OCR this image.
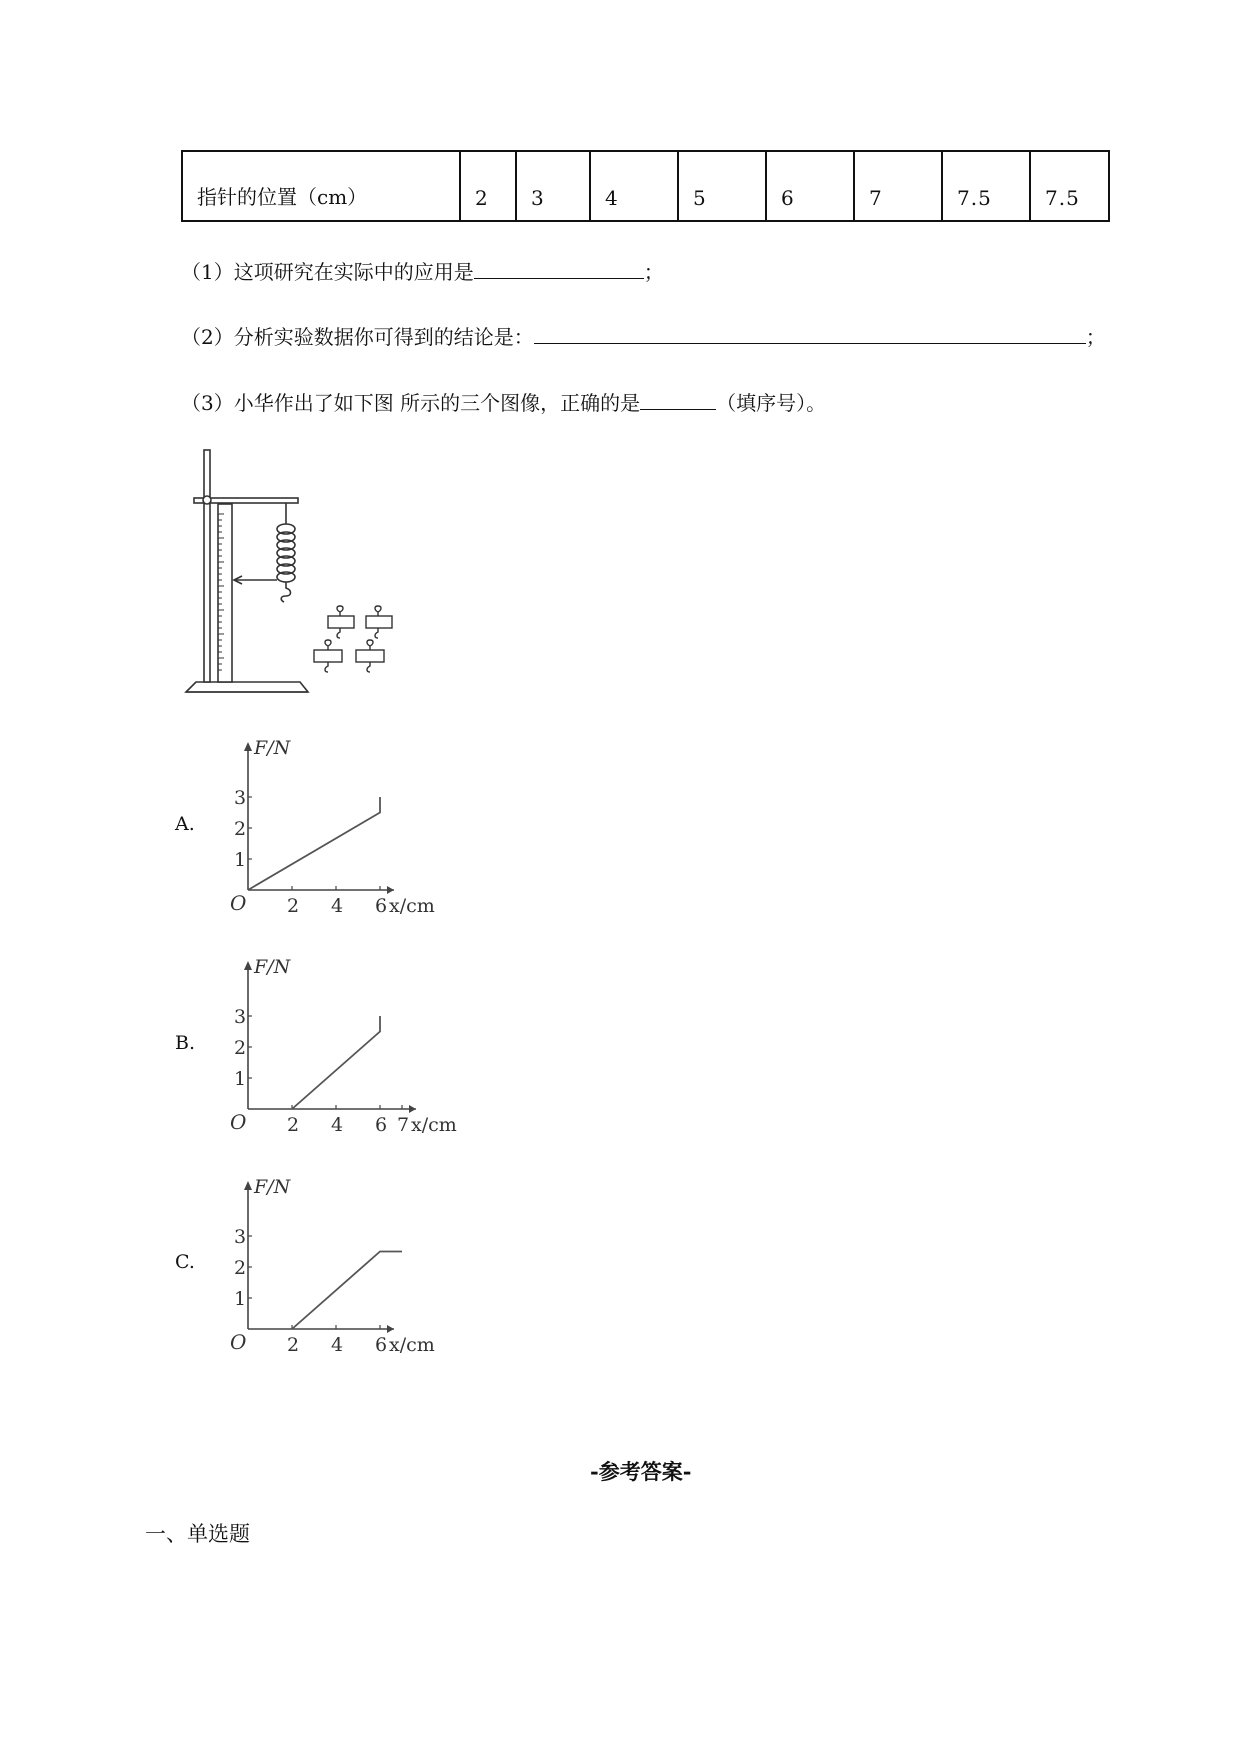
指针的位置（cm）	2	3	4	5	6	7	7.5	7.5
（1）这项研究在实际中的应用是	；
（2）分析实验数据你可得到的结论是：	；
（3）小华作出了如下图 所示的三个图像，正确的是	（填序号）。
A.
F/N
O
1
2
3
2 4 6 x/cm
B.
F/N
O
1
2
3
2 4 6 7 x/cm
C.
F/N
O
1
2
3
2 4 6 x/cm
-参考答案-
一、单选题
